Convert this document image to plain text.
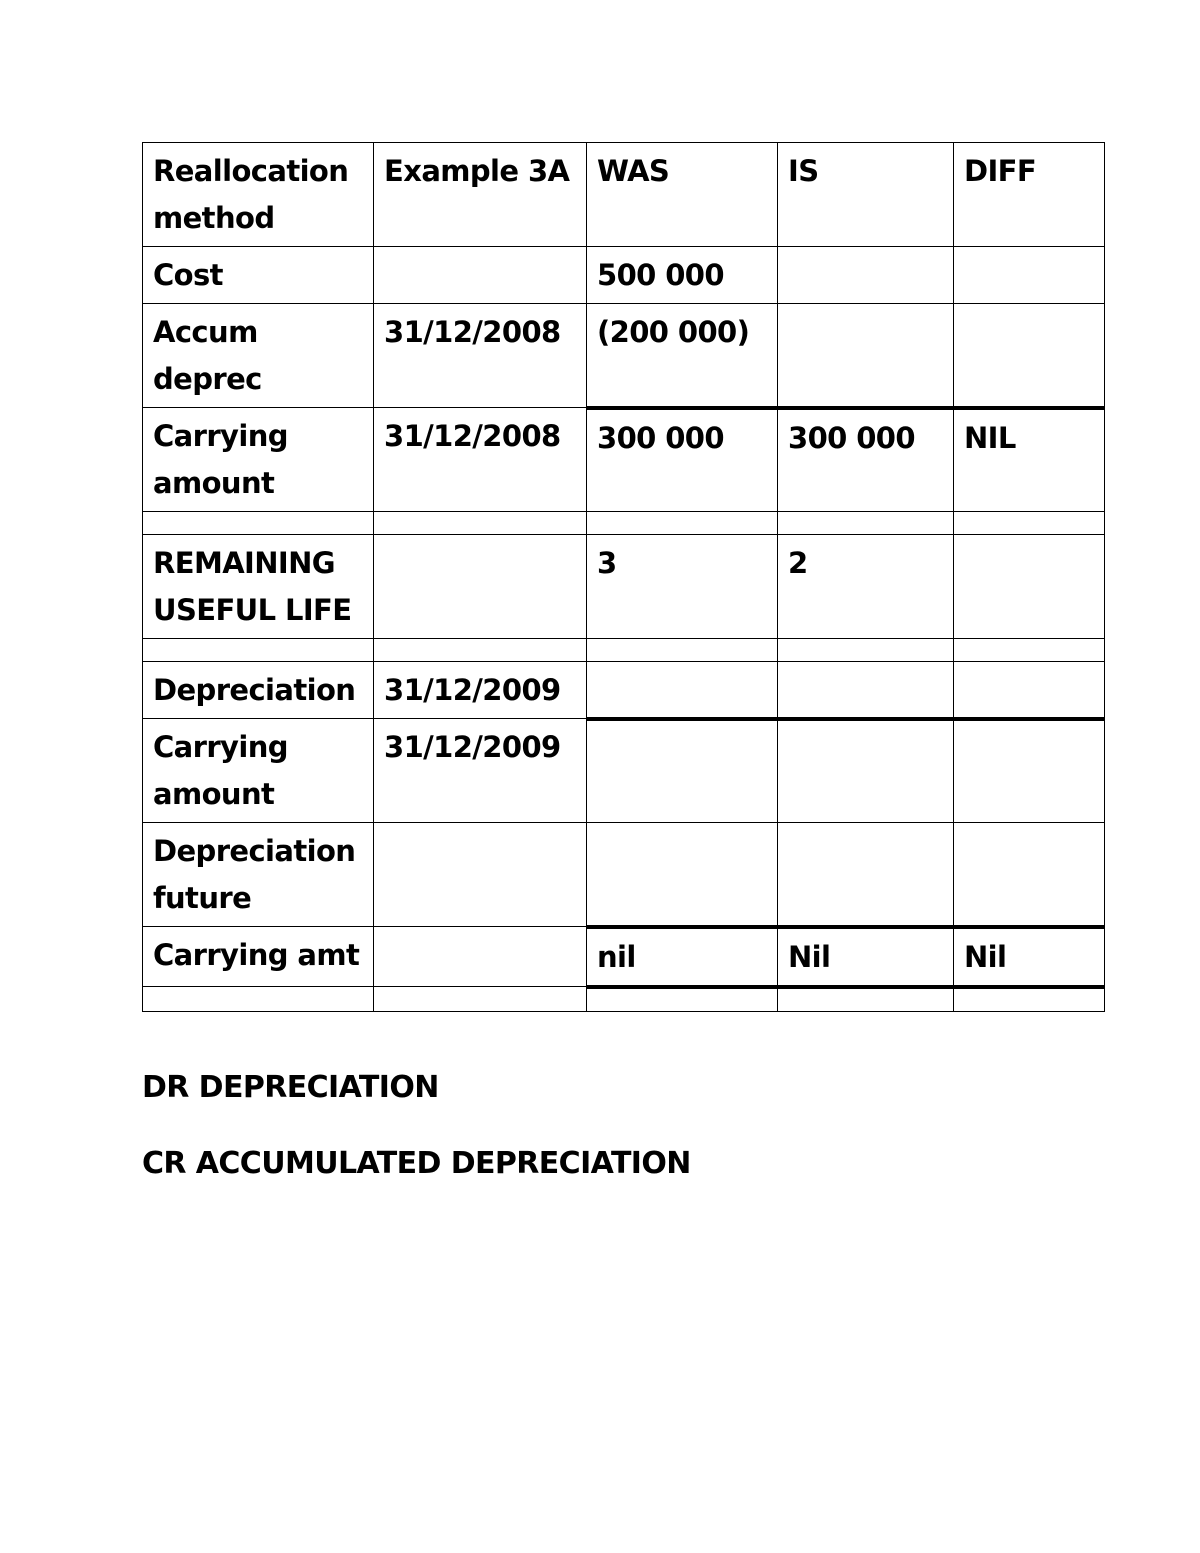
Reallocation method	Example 3A	WAS	IS	DIFF
Cost		500 000		
Accum deprec	31/12/2008	(200 000)		
Carrying amount	31/12/2008	300 000	300 000	NIL

REMAINING USEFUL LIFE		3	2	

Depreciation	31/12/2009			
Carrying amount	31/12/2009			
Depreciation future				
Carrying amt		nil	Nil	Nil

DR DEPRECIATION
CR ACCUMULATED DEPRECIATION
